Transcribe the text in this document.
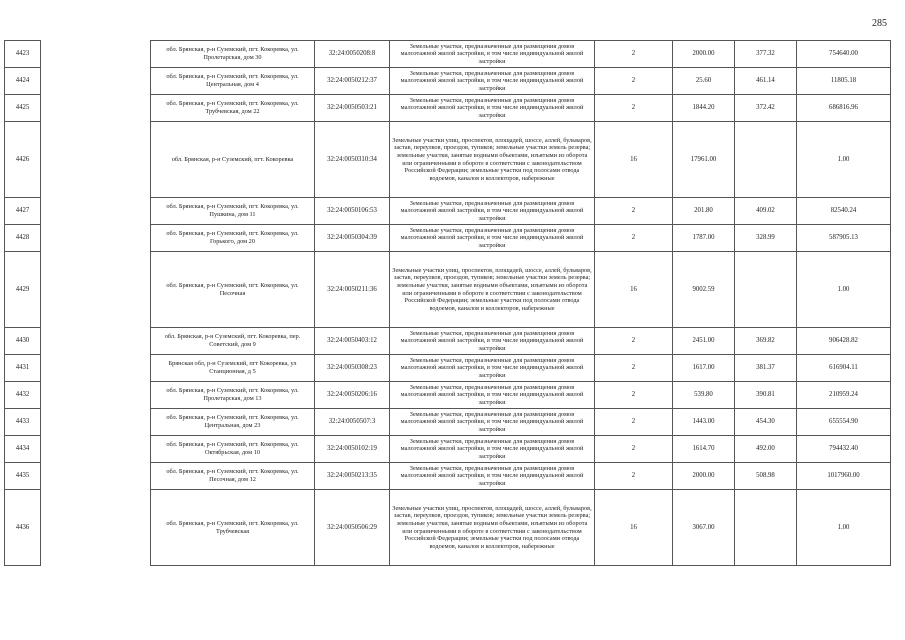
285
4423		обл. Брянская, р-н Суземский, пгт. Кокоревка, ул. Пролетарская, дом 30	32:24:0050208:8	Земельные участки, предназначенные для размещения домов малоэтажной жилой застройки, в том числе индивидуальной жилой застройки	2	2000.00	377.32	754640.00
4424		обл. Брянская, р-н Суземский, пгт. Кокоревка, ул. Центральная, дом 4	32:24:0050212:37	Земельные участки, предназначенные для размещения домов малоэтажной жилой застройки, в том числе индивидуальной жилой застройки	2	25.60	461.14	11805.18
4425		обл. Брянская, р-н Суземский, пгт. Кокоревка, ул. Трубчевская, дом 22	32:24:0050503:21	Земельные участки, предназначенные для размещения домов малоэтажной жилой застройки, в том числе индивидуальной жилой застройки	2	1844.20	372.42	686816.96
4426		обл. Брянская, р-н Суземский, пгт. Кокоревка	32:24:0050310:34	Земельные участки улиц, проспектов, площадей, шоссе, аллей, бульваров, застав, переулков, проездов, тупиков; земельные участки земель резерва; земельные участки, занятые водными объектами, изъятыми из оборота или ограниченными в обороте в соответствии с законодательством Российской Федерации; земельные участки под полосами отвода водоемов, каналов и коллекторов, набережные	16	17961.00		1.00
4427		обл. Брянская, р-н Суземский, пгт. Кокоревка, ул. Пушкина, дом 11	32:24:0050106:53	Земельные участки, предназначенные для размещения домов малоэтажной жилой застройки, в том числе индивидуальной жилой застройки	2	201.80	409.02	82540.24
4428		обл. Брянская, р-н Суземский, пгт. Кокоревка, ул. Горького, дом 20	32:24:0050304:39	Земельные участки, предназначенные для размещения домов малоэтажной жилой застройки, в том числе индивидуальной жилой застройки	2	1787.00	328.99	587905.13
4429		обл. Брянская, р-н Суземский, пгт. Кокоревка, ул. Песочная	32:24:0050211:36	Земельные участки улиц, проспектов, площадей, шоссе, аллей, бульваров, застав, переулков, проездов, тупиков; земельные участки земель резерва; земельные участки, занятые водными объектами, изъятыми из оборота или ограниченными в обороте в соответствии с законодательством Российской Федерации; земельные участки под полосами отвода водоемов, каналов и коллекторов, набережные	16	9002.59		1.00
4430		обл. Брянская, р-н Суземский, пгт. Кокоревка, пер. Советский, дом 9	32:24:0050403:12	Земельные участки, предназначенные для размещения домов малоэтажной жилой застройки, в том числе индивидуальной жилой застройки	2	2451.00	369.82	906428.82
4431		Брянская обл, р-н Суземский, пгт Кокоревка, ул Станционная, д 5	32:24:0050308:23	Земельные участки, предназначенные для размещения домов малоэтажной жилой застройки, в том числе индивидуальной жилой застройки	2	1617.00	381.37	616904.11
4432		обл. Брянская, р-н Суземский, пгт. Кокоревка, ул. Пролетарская, дом 13	32:24:0050206:16	Земельные участки, предназначенные для размещения домов малоэтажной жилой застройки, в том числе индивидуальной жилой застройки	2	539.80	390.81	210959.24
4433		обл. Брянская, р-н Суземский, пгт. Кокоревка, ул. Центральная, дом 23	32:24:0050507:3	Земельные участки, предназначенные для размещения домов малоэтажной жилой застройки, в том числе индивидуальной жилой застройки	2	1443.00	454.30	655554.90
4434		обл. Брянская, р-н Суземский, пгт. Кокоревка, ул. Октябрьская, дом 10	32:24:0050102:19	Земельные участки, предназначенные для размещения домов малоэтажной жилой застройки, в том числе индивидуальной жилой застройки	2	1614.70	492.00	794432.40
4435		обл. Брянская, р-н Суземский, пгт. Кокоревка, ул. Песочная, дом 12	32:24:0050213:35	Земельные участки, предназначенные для размещения домов малоэтажной жилой застройки, в том числе индивидуальной жилой застройки	2	2000.00	508.98	1017960.00
4436		обл. Брянская, р-н Суземский, пгт. Кокоревка, ул. Трубчевская	32:24:0050506:29	Земельные участки улиц, проспектов, площадей, шоссе, аллей, бульваров, застав, переулков, проездов, тупиков; земельные участки земель резерва; земельные участки, занятые водными объектами, изъятыми из оборота или ограниченными в обороте в соответствии с законодательством Российской Федерации; земельные участки под полосами отвода водоемов, каналов и коллекторов, набережные	16	3067.00		1.00
